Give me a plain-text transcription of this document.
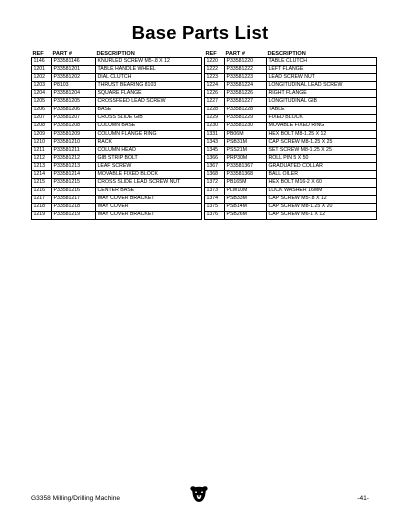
Base Parts List
REF	PART #	DESCRIPTION
1146	P33581146	KNURLED SCREW M5-.8 X 12
1201	P33581201	TABLE HANDLE WHEEL
1202	P33581202	DIAL CLUTCH
1203	P8103	THRUST BEARING 8103
1204	P33581204	SQUARE FLANGE
1205	P33581205	CROSSFEED LEAD SCREW
1206	P33581206	BASE
1207	P33581207	CROSS SLIDE GIB
1208	P33581208	COLUMN BASE
1209	P33581209	COLUMN FLANGE RING
1210	P33581210	RACK
1211	P33581211	COLUMN HEAD
1212	P33581212	GIB STRIP BOLT
1213	P33581213	LEAF SCREW
1214	P33581214	MOVABLE FIXED BLOCK
1215	P33581215	CROSS SLIDE LEAD SCREW NUT
1216	P33581216	CENTER BASE
1217	P33581217	WAY COVER BRACKET
1218	P33581218	WAY COVER
1219	P33581219	WAY COVER BRACKET
REF	PART #	DESCRIPTION
1220	P33581220	TABLE CLUTCH
1222	P33581222	LEFT FLANGE
1223	P33581223	LEAD SCREW NUT
1224	P33581224	LONGITUDINAL LEAD SCREW
1226	P33581226	RIGHT FLANGE
1227	P33581227	LONGITUDINAL GIB
1228	P33581228	TABLE
1229	P33581229	FIXED BLOCK
1230	P33581230	MOVABLE FIXED RING
1331	PB06M	HEX BOLT M8-1.25 X 12
1343	PSB31M	CAP SCREW M8-1.25 X 25
1345	PSS21M	SET SCREW M8-1.25 X 25
1366	PRP30M	ROLL PIN 5 X 50
1367	P33581367	GRADUATED COLLAR
1368	P33581368	BALL OILER
1372	PB165M	HEX BOLT M16-2 X 60
1373	PLW10M	LOCK WASHER 16MM
1374	PSB33M	CAP SCREW M5-.8 X 12
1375	PSB14M	CAP SCREW M8-1.25 X 20
1376	PSB26M	CAP SCREW M6-1 X 12
G3358 Milling/Drilling Machine	-41-
